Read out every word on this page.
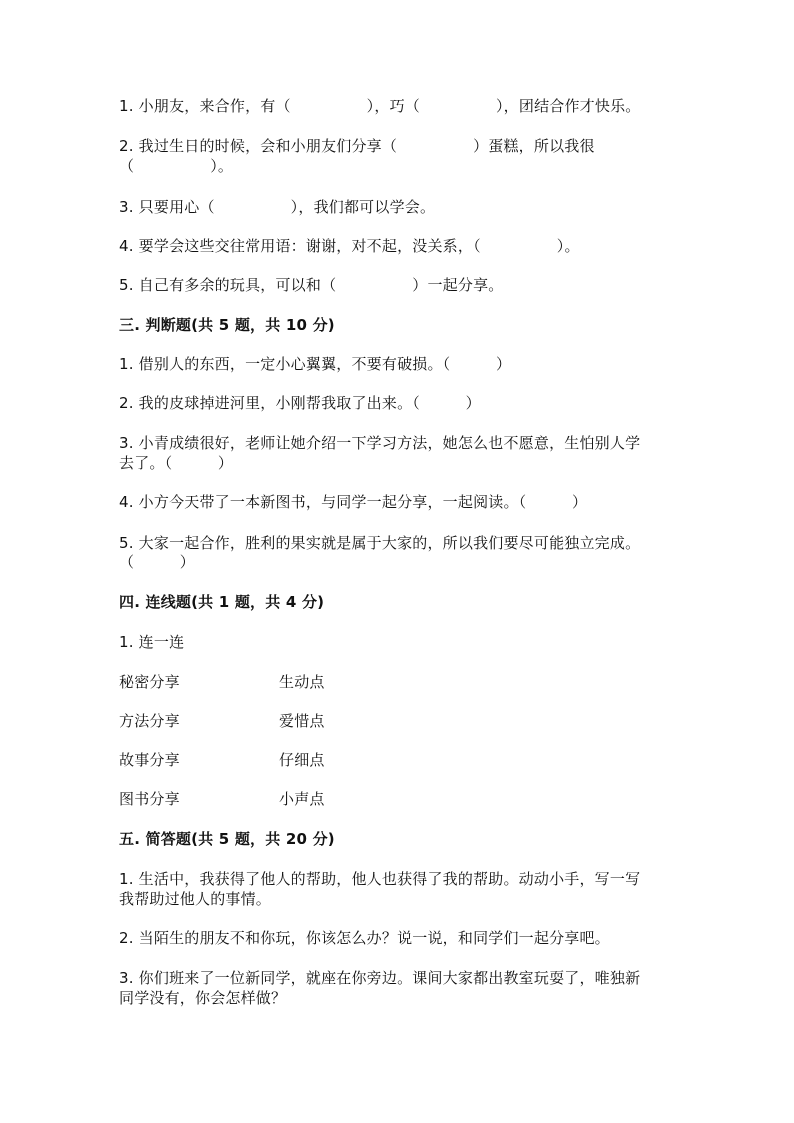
1. 小朋友，来合作，有（　　　　　），巧（　　　　　），团结合作才快乐。
2. 我过生日的时候，会和小朋友们分享（　　　　　）蛋糕，所以我很
（　　　　　）。
3. 只要用心（　　　　　），我们都可以学会。
4. 要学会这些交往常用语：谢谢，对不起，没关系，（　　　　　）。
5. 自己有多余的玩具，可以和（　　　　　）一起分享。
三. 判断题(共 5 题，共 10 分)
1. 借别人的东西，一定小心翼翼，不要有破损。（　　　）
2. 我的皮球掉进河里，小刚帮我取了出来。（　　　）
3. 小青成绩很好，老师让她介绍一下学习方法，她怎么也不愿意，生怕别人学
去了。（　　　）
4. 小方今天带了一本新图书，与同学一起分享，一起阅读。（　　　）
5. 大家一起合作，胜利的果实就是属于大家的，所以我们要尽可能独立完成。
（　　　）
四. 连线题(共 1 题，共 4 分)
1. 连一连
秘密分享	生动点
方法分享	爱惜点
故事分享	仔细点
图书分享	小声点
五. 简答题(共 5 题，共 20 分)
1. 生活中，我获得了他人的帮助，他人也获得了我的帮助。动动小手，写一写
我帮助过他人的事情。
2. 当陌生的朋友不和你玩，你该怎么办？说一说，和同学们一起分享吧。
3. 你们班来了一位新同学，就座在你旁边。课间大家都出教室玩耍了，唯独新
同学没有，你会怎样做？
